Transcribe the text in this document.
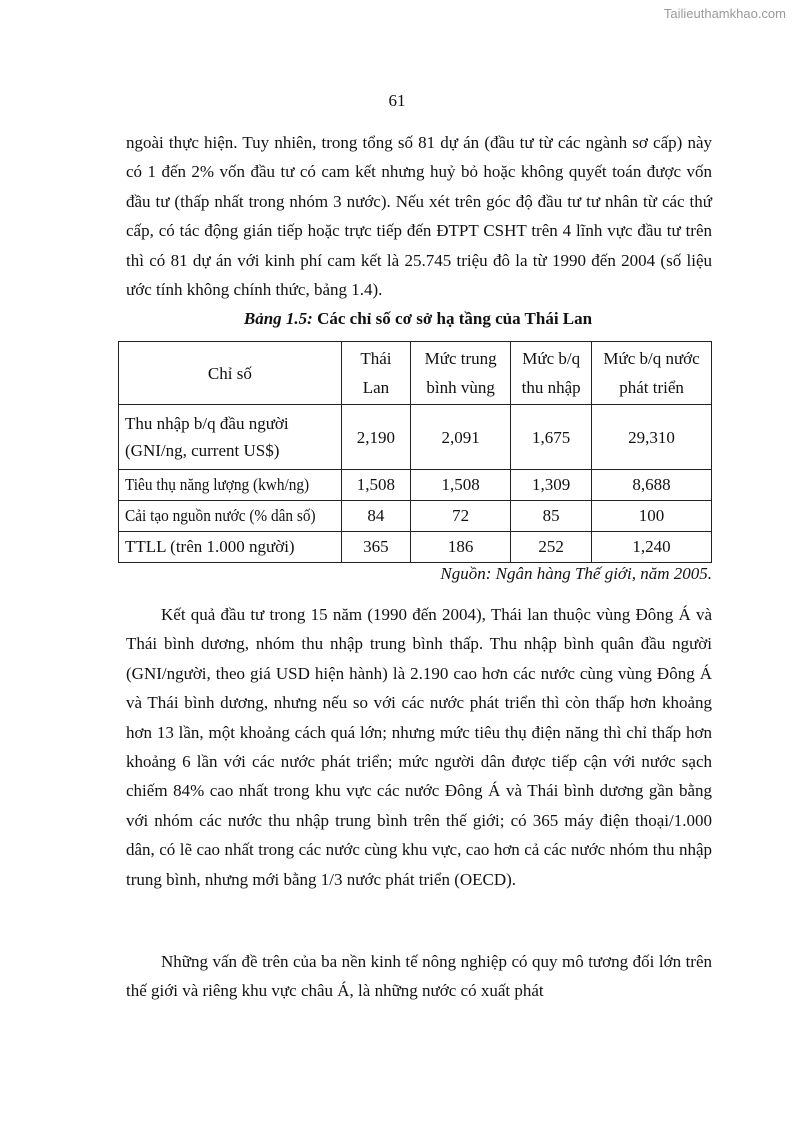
Tailieuthamkhao.com
61

ngoài thực hiện. Tuy nhiên, trong tổng số 81 dự án (đầu tư từ các ngành sơ cấp) này có 1 đến 2% vốn đầu tư có cam kết nhưng huỷ bỏ hoặc không quyết toán được vốn đầu tư (thấp nhất trong nhóm 3 nước). Nếu xét trên góc độ đầu tư tư nhân từ các thứ cấp, có tác động gián tiếp hoặc trực tiếp đến ĐTPT CSHT trên 4 lĩnh vực đầu tư trên thì có 81 dự án với kinh phí cam kết là 25.745 triệu đô la từ 1990 đến 2004 (số liệu ước tính không chính thức, bảng 1.4).

Bảng 1.5: Các chỉ số cơ sở hạ tầng của Thái Lan
Chỉ số	Thái Lan	Mức trung bình vùng	Mức b/q thu nhập	Mức b/q nước phát triển
Thu nhập b/q đầu người (GNI/ng, current US$)	2,190	2,091	1,675	29,310
Tiêu thụ năng lượng (kwh/ng)	1,508	1,508	1,309	8,688
Cải tạo nguồn nước (% dân số)	84	72	85	100
TTLL (trên 1.000 người)	365	186	252	1,240
Nguồn: Ngân hàng Thế giới, năm 2005.

Kết quả đầu tư trong 15 năm (1990 đến 2004), Thái lan thuộc vùng Đông Á và Thái bình dương, nhóm thu nhập trung bình thấp. Thu nhập bình quân đầu người (GNI/người, theo giá USD hiện hành) là 2.190 cao hơn các nước cùng vùng Đông Á và Thái bình dương, nhưng nếu so với các nước phát triển thì còn thấp hơn khoảng hơn 13 lần, một khoảng cách quá lớn; nhưng mức tiêu thụ điện năng thì chỉ thấp hơn khoảng 6 lần với các nước phát triển; mức người dân được tiếp cận với nước sạch chiếm 84% cao nhất trong khu vực các nước Đông Á và Thái bình dương gần bằng với nhóm các nước thu nhập trung bình trên thế giới; có 365 máy điện thoại/1.000 dân, có lẽ cao nhất trong các nước cùng khu vực, cao hơn cả các nước nhóm thu nhập trung bình, nhưng mới bằng 1/3 nước phát triển (OECD).

Những vấn đề trên của ba nền kinh tế nông nghiệp có quy mô tương đối lớn trên thế giới và riêng khu vực châu Á, là những nước có xuất phát
